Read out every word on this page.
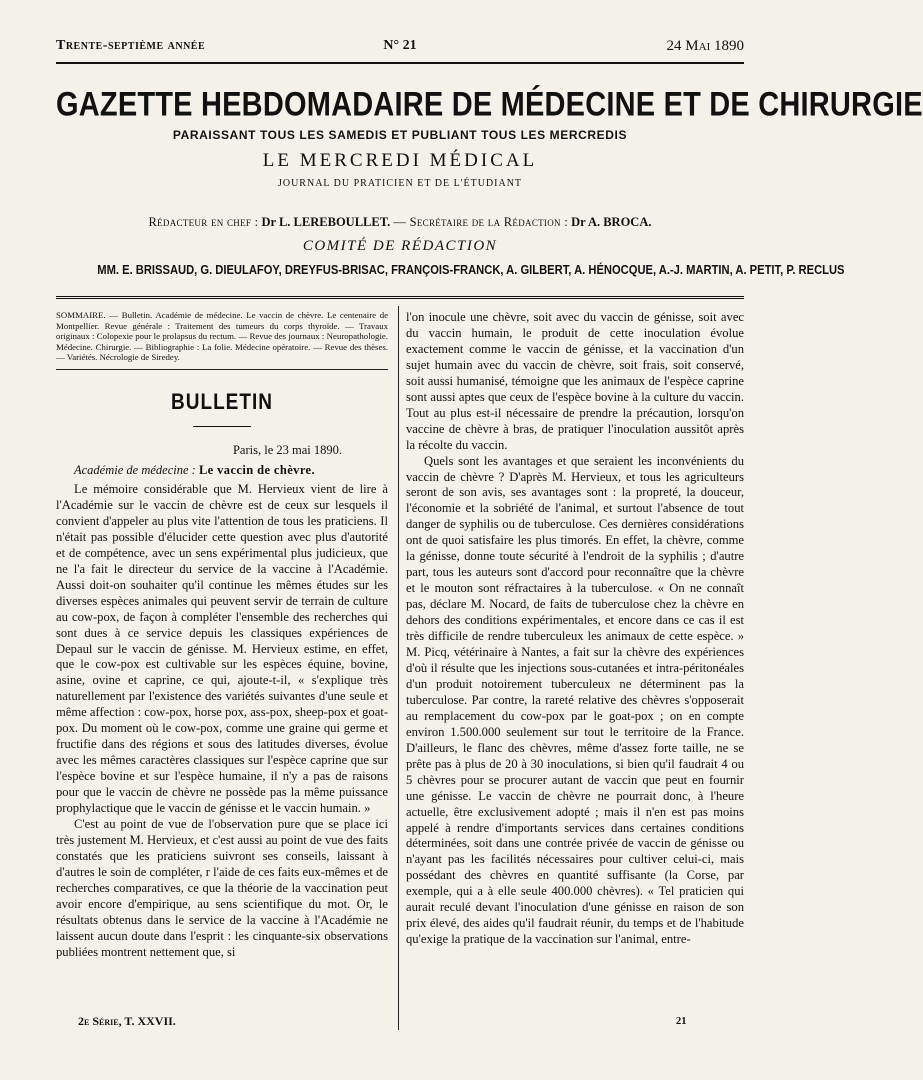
Trente-septième année	N° 21	24 Mai 1890
GAZETTE HEBDOMADAIRE DE MÉDECINE ET DE CHIRURGIE
PARAISSANT TOUS LES SAMEDIS ET PUBLIANT TOUS LES MERCREDIS
LE MERCREDI MÉDICAL
JOURNAL DU PRATICIEN ET DE L'ÉTUDIANT
Rédacteur en chef : Dr L. LEREBOULLET. — Secrétaire de la Rédaction : Dr A. BROCA.
COMITÉ DE RÉDACTION
MM. E. BRISSAUD, G. DIEULAFOY, DREYFUS-BRISAC, FRANÇOIS-FRANCK, A. GILBERT, A. HÉNOCQUE, A.-J. MARTIN, A. PETIT, P. RECLUS
SOMMAIRE. — Bulletin. Académie de médecine. Le vaccin de chèvre. Le centenaire de Montpellier. Revue générale : Traitement des tumeurs du corps thyroïde. — Travaux originaux : Colopexie pour le prolapsus du rectum. — Revue des journaux : Neuropathologie. Médecine. Chirurgie. — Bibliographie : La folie. Médecine opératoire. — Revue des thèses. — Variétés. Nécrologie de Siredey.
BULLETIN
Paris, le 23 mai 1890.
Académie de médecine : Le vaccin de chèvre.

Le mémoire considérable que M. Hervieux vient de lire à l'Académie sur le vaccin de chèvre est de ceux sur lesquels il convient d'appeler au plus vite l'attention de tous les praticiens. Il n'était pas possible d'élucider cette question avec plus d'autorité et de compétence, avec un sens expérimental plus judicieux, que ne l'a fait le directeur du service de la vaccine à l'Académie. Aussi doit-on souhaiter qu'il continue les mêmes études sur les diverses espèces animales qui peuvent servir de terrain de culture au cow-pox, de façon à compléter l'ensemble des recherches qui sont dues à ce service depuis les classiques expériences de Depaul sur le vaccin de génisse. M. Hervieux estime, en effet, que le cow-pox est cultivable sur les espèces équine, bovine, asine, ovine et caprine, ce qui, ajoute-t-il, « s'explique très naturellement par l'existence des variétés suivantes d'une seule et même affection : cow-pox, horse pox, ass-pox, sheep-pox et goat-pox. Du moment où le cow-pox, comme une graine qui germe et fructifie dans des régions et sous des latitudes diverses, évolue avec les mêmes caractères classiques sur l'espèce caprine que sur l'espèce bovine et sur l'espèce humaine, il n'y a pas de raisons pour que le vaccin de chèvre ne possède pas la même puissance prophylactique que le vaccin de génisse et le vaccin humain. »

C'est au point de vue de l'observation pure que se place ici très justement M. Hervieux, et c'est aussi au point de vue des faits constatés que les praticiens suivront ses conseils, laissant à d'autres le soin de compléter, r l'aide de ces faits eux-mêmes et de recherches comparatives, ce que la théorie de la vaccination peut avoir encore d'empirique, au sens scientifique du mot. Or, le résultats obtenus dans le service de la vaccine à l'Académie ne laissent aucun doute dans l'esprit : les cinquante-six observations publiées montrent nettement que, si

l'on inocule une chèvre, soit avec du vaccin de génisse, soit avec du vaccin humain, le produit de cette inoculation évolue exactement comme le vaccin de génisse, et la vaccination d'un sujet humain avec du vaccin de chèvre, soit frais, soit conservé, soit aussi humanisé, témoigne que les animaux de l'espèce caprine sont aussi aptes que ceux de l'espèce bovine à la culture du vaccin. Tout au plus est-il nécessaire de prendre la précaution, lorsqu'on vaccine de chèvre à bras, de pratiquer l'inoculation aussitôt après la récolte du vaccin.

Quels sont les avantages et que seraient les inconvénients du vaccin de chèvre ? D'après M. Hervieux, et tous les agriculteurs seront de son avis, ses avantages sont : la propreté, la douceur, l'économie et la sobriété de l'animal, et surtout l'absence de tout danger de syphilis ou de tuberculose. Ces dernières considérations ont de quoi satisfaire les plus timorés. En effet, la chèvre, comme la génisse, donne toute sécurité à l'endroit de la syphilis ; d'autre part, tous les auteurs sont d'accord pour reconnaître que la chèvre et le mouton sont réfractaires à la tuberculose. « On ne connaît pas, déclare M. Nocard, de faits de tuberculose chez la chèvre en dehors des conditions expérimentales, et encore dans ce cas il est très difficile de rendre tuberculeux les animaux de cette espèce. » M. Picq, vétérinaire à Nantes, a fait sur la chèvre des expériences d'où il résulte que les injections sous-cutanées et intra-péritonéales d'un produit notoirement tuberculeux ne déterminent pas la tuberculose. Par contre, la rareté relative des chèvres s'opposerait au remplacement du cow-pox par le goat-pox ; on en compte environ 1.500.000 seulement sur tout le territoire de la France. D'ailleurs, le flanc des chèvres, même d'assez forte taille, ne se prête pas à plus de 20 à 30 inoculations, si bien qu'il faudrait 4 ou 5 chèvres pour se procurer autant de vaccin que peut en fournir une génisse. Le vaccin de chèvre ne pourrait donc, à l'heure actuelle, être exclusivement adopté ; mais il n'en est pas moins appelé à rendre d'importants services dans certaines conditions déterminées, soit dans une contrée privée de vaccin de génisse ou n'ayant pas les facilités nécessaires pour cultiver celui-ci, mais possédant des chèvres en quantité suffisante (la Corse, par exemple, qui a à elle seule 400.000 chèvres). « Tel praticien qui aurait reculé devant l'inoculation d'une génisse en raison de son prix élevé, des aides qu'il faudrait réunir, du temps et de l'habitude qu'exige la pratique de la vaccination sur l'animal, entre-

2e Série, T. XXVII.	21
